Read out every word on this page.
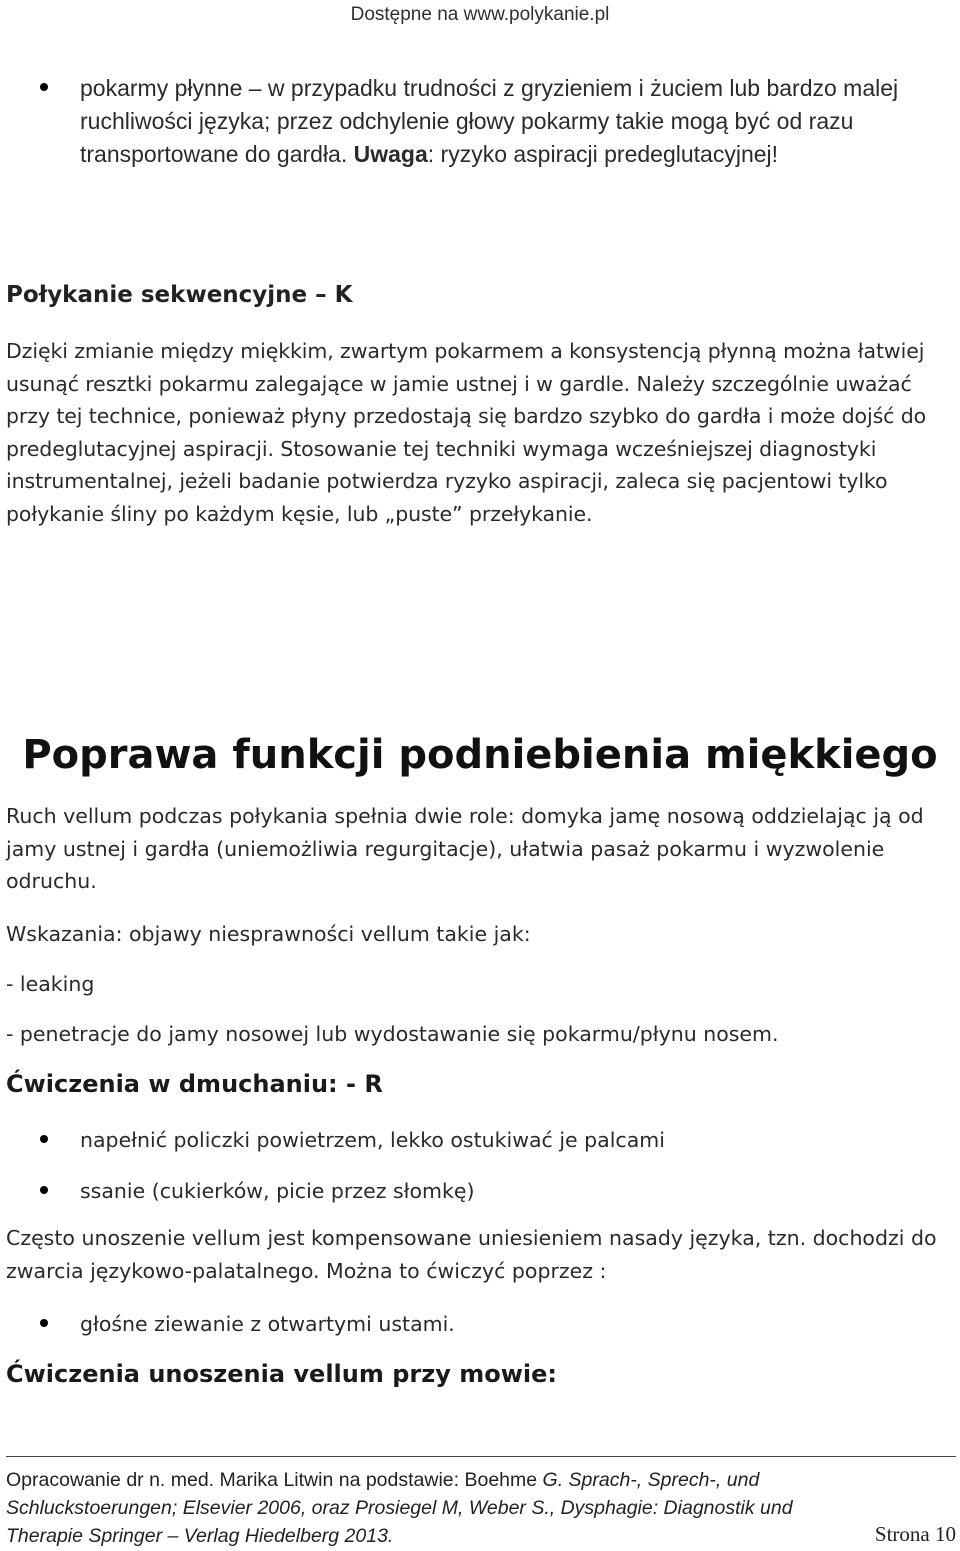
Dostępne na www.polykanie.pl
pokarmy płynne – w przypadku trudności z gryzieniem i żuciem lub bardzo malej ruchliwości języka; przez odchylenie głowy pokarmy takie mogą być od razu transportowane do gardła. Uwaga: ryzyko aspiracji predeglutacyjnej!
Połykanie sekwencyjne – K

Dzięki zmianie między miękkim, zwartym pokarmem a konsystencją płynną można łatwiej usunąć resztki pokarmu zalegające w jamie ustnej i w gardle. Należy szczególnie uważać przy tej technice, ponieważ płyny przedostają się bardzo szybko do gardła i może dojść do predeglutacyjnej aspiracji. Stosowanie tej techniki wymaga wcześniejszej diagnostyki instrumentalnej, jeżeli badanie potwierdza ryzyko aspiracji, zaleca się pacjentowi tylko połykanie śliny po każdym kęsie, lub „puste” przełykanie.

Poprawa funkcji podniebienia miękkiego

Ruch vellum podczas połykania spełnia dwie role: domyka jamę nosową oddzielając ją od jamy ustnej i gardła (uniemożliwia regurgitacje), ułatwia pasaż pokarmu i wyzwolenie odruchu.

Wskazania: objawy niesprawności vellum takie jak:

- leaking

- penetracje do jamy nosowej lub wydostawanie się pokarmu/płynu nosem.

Ćwiczenia w dmuchaniu: - R
napełnić policzki powietrzem, lekko ostukiwać je palcami
ssanie (cukierków, picie przez słomkę)

Często unoszenie vellum jest kompensowane uniesieniem nasady języka, tzn. dochodzi do zwarcia językowo-palatalnego. Można to ćwiczyć poprzez :

głośne ziewanie z otwartymi ustami.
Ćwiczenia unoszenia vellum przy mowie:
Opracowanie dr n. med. Marika Litwin na podstawie: Boehme G. Sprach-, Sprech-, und
Schluckstoerungen; Elsevier 2006, oraz Prosiegel M, Weber S., Dysphagie: Diagnostik und
Therapie Springer – Verlag Hiedelberg 2013.	Strona 10
